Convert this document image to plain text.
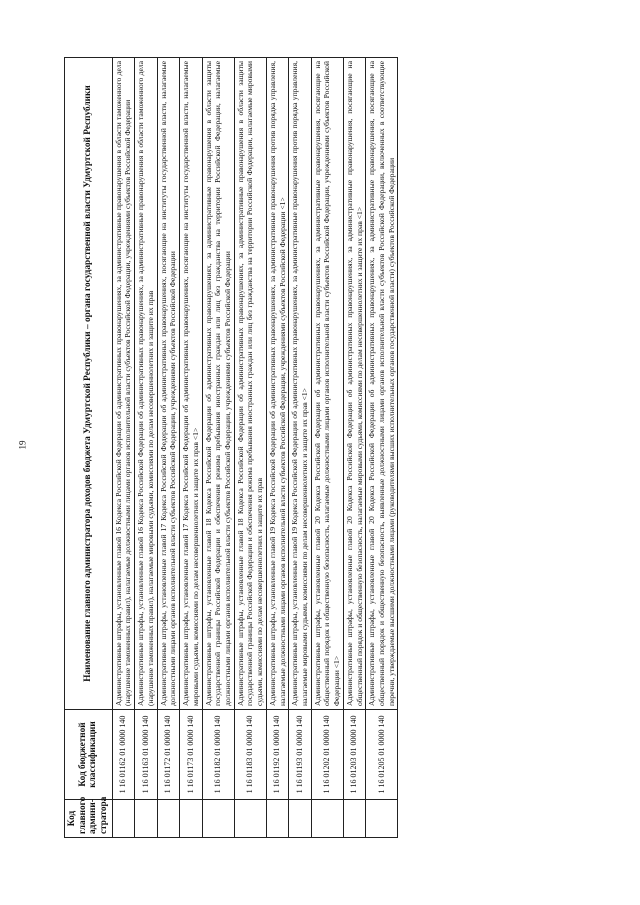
19
Код главного админи-стратора	Код бюджетной классификации	Наименование главного администратора доходов бюджета Удмуртской Республики – органа государственной власти Удмуртской Республики
	1 16 01162 01 0000 140	Административные штрафы, установленные главой 16 Кодекса Российской Федерации об административных правонарушениях, за административные правонарушения в области таможенного дела (нарушение таможенных правил), налагаемые должностными лицами органов исполнительной власти субъектов Российской Федерации, учреждениями субъектов Российской Федерации
	1 16 01163 01 0000 140	Административные штрафы, установленные главой 16 Кодекса Российской Федерации об административных правонарушениях, за административные правонарушения в области таможенного дела (нарушение таможенных правил), налагаемые мировыми судьями, комиссиями по делам несовершеннолетних и защите их прав
	1 16 01172 01 0000 140	Административные штрафы, установленные главой 17 Кодекса Российской Федерации об административных правонарушениях, посягающие на институты государственной власти, налагаемые должностными лицами органов исполнительной власти субъектов Российской Федерации, учреждениями субъектов Российской Федерации
	1 16 01173 01 0000 140	Административные штрафы, установленные главой 17 Кодекса Российской Федерации об административных правонарушениях, посягающие на институты государственной власти, налагаемые мировыми судьями, комиссиями по делам несовершеннолетних и защите их прав <1>
	1 16 01182 01 0000 140	Административные штрафы, установленные главой 18 Кодекса Российской Федерации об административных правонарушениях, за административные правонарушения в области защиты государственной границы Российской Федерации и обеспечения режима пребывания иностранных граждан или лиц без гражданства на территории Российской Федерации, налагаемые должностными лицами органов исполнительной власти субъектов Российской Федерации, учреждениями субъектов Российской Федерации
	1 16 01183 01 0000 140	Административные штрафы, установленные главой 18 Кодекса Российской Федерации об административных правонарушениях, за административные правонарушения в области защиты государственной границы Российской Федерации и обеспечения режима пребывания иностранных граждан или лиц без гражданства на территории Российской Федерации, налагаемые мировыми судьями, комиссиями по делам несовершеннолетних и защите их прав
	1 16 01192 01 0000 140	Административные штрафы, установленные главой 19 Кодекса Российской Федерации об административных правонарушениях, за административные правонарушения против порядка управления, налагаемые должностными лицами органов исполнительной власти субъектов Российской Федерации, учреждениями субъектов Российской Федерации <1>
	1 16 01193 01 0000 140	Административные штрафы, установленные главой 19 Кодекса Российской Федерации об административных правонарушениях, за административные правонарушения против порядка управления, налагаемые мировыми судьями, комиссиями по делам несовершеннолетних и защите их прав <1>
	1 16 01202 01 0000 140	Административные штрафы, установленные главой 20 Кодекса Российской Федерации об административных правонарушениях, за административные правонарушения, посягающие на общественный порядок и общественную безопасность, налагаемые должностными лицами органов исполнительной власти субъектов Российской Федерации, учреждениями субъектов Российской Федерации <1>
	1 16 01203 01 0000 140	Административные штрафы, установленные главой 20 Кодекса Российской Федерации об административных правонарушениях, за административные правонарушения, посягающие на общественный порядок и общественную безопасность, налагаемые мировыми судьями, комиссиями по делам несовершеннолетних и защите их прав <1>
	1 16 01205 01 0000 140	Административные штрафы, установленные главой 20 Кодекса Российской Федерации об административных правонарушениях, за административные правонарушения, посягающие на общественный порядок и общественную безопасность, выявленные должностными лицами органов исполнительной власти субъектов Российской Федерации, включенных в соответствующие перечни, утверждаемые высшими должностными лицами (руководителями высших исполнительных органов государственной власти) субъектов Российской Федерации
